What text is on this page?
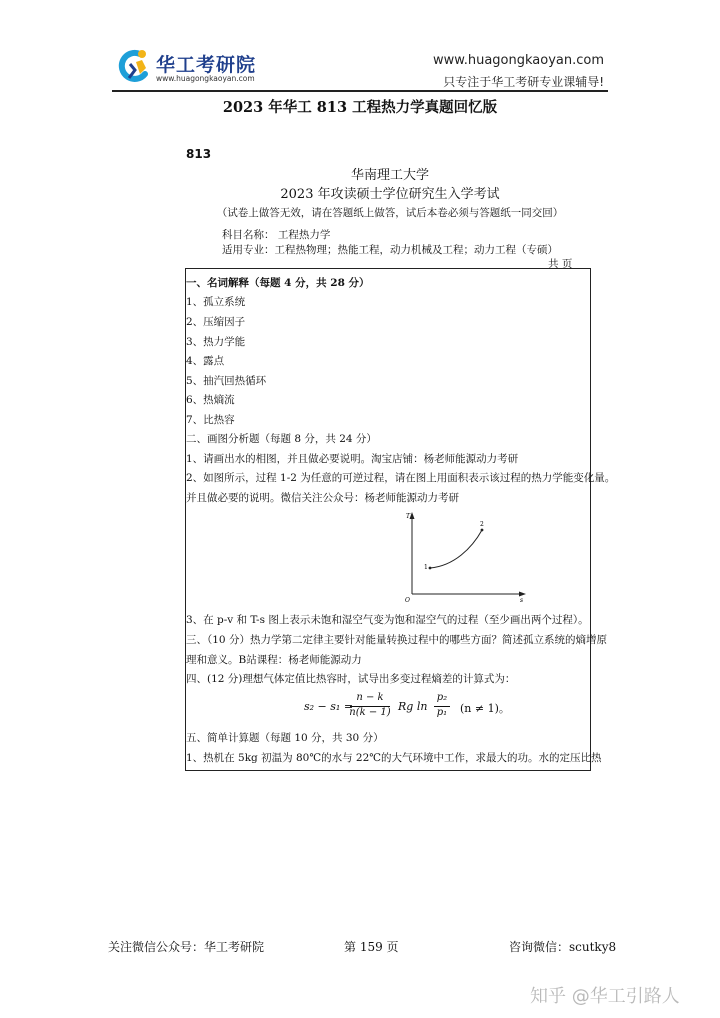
华工考研院
www.huagongkaoyan.com
www.huagongkaoyan.com
只专注于华工考研专业课辅导!
2023 年华工 813 工程热力学真题回忆版
813
华南理工大学
2023 年攻读硕士学位研究生入学考试
（试卷上做答无效，请在答题纸上做答，试后本卷必须与答题纸一同交回）
科目名称： 工程热力学
适用专业：工程热物理；热能工程，动力机械及工程；动力工程（专硕）
共 页
一、名词解释（每题 4 分，共 28 分）
1、孤立系统
2、压缩因子
3、热力学能
4、露点
5、抽汽回热循环
6、热熵流
7、比热容
二、画图分析题（每题 8 分，共 24 分）
1、请画出水的相图，并且做必要说明。淘宝店铺：杨老师能源动力考研
2、如图所示，过程 1-2 为任意的可逆过程，请在图上用面积表示该过程的热力学能变化量。
并且做必要的说明。微信关注公众号：杨老师能源动力考研
T
s
O
1
2
3、在 p-v 和 T-s 图上表示未饱和湿空气变为饱和湿空气的过程（至少画出两个过程）。
三、（10 分）热力学第二定律主要针对能量转换过程中的哪些方面？简述孤立系统的熵增原
理和意义。B站课程：杨老师能源动力
四、(12 分)理想气体定值比热容时，试导出多变过程熵差的计算式为：
s₂ − s₁ =
n − k
n(k − 1) Rg ln
p₂
p₁ (n ≠ 1)。
五、简单计算题（每题 10 分，共 30 分）
1、热机在 5kg 初温为 80℃的水与 22℃的大气环境中工作，求最大的功。水的定压比热
关注微信公众号：华工考研院	第 159 页	咨询微信：scutky8
知乎 @华工引路人
